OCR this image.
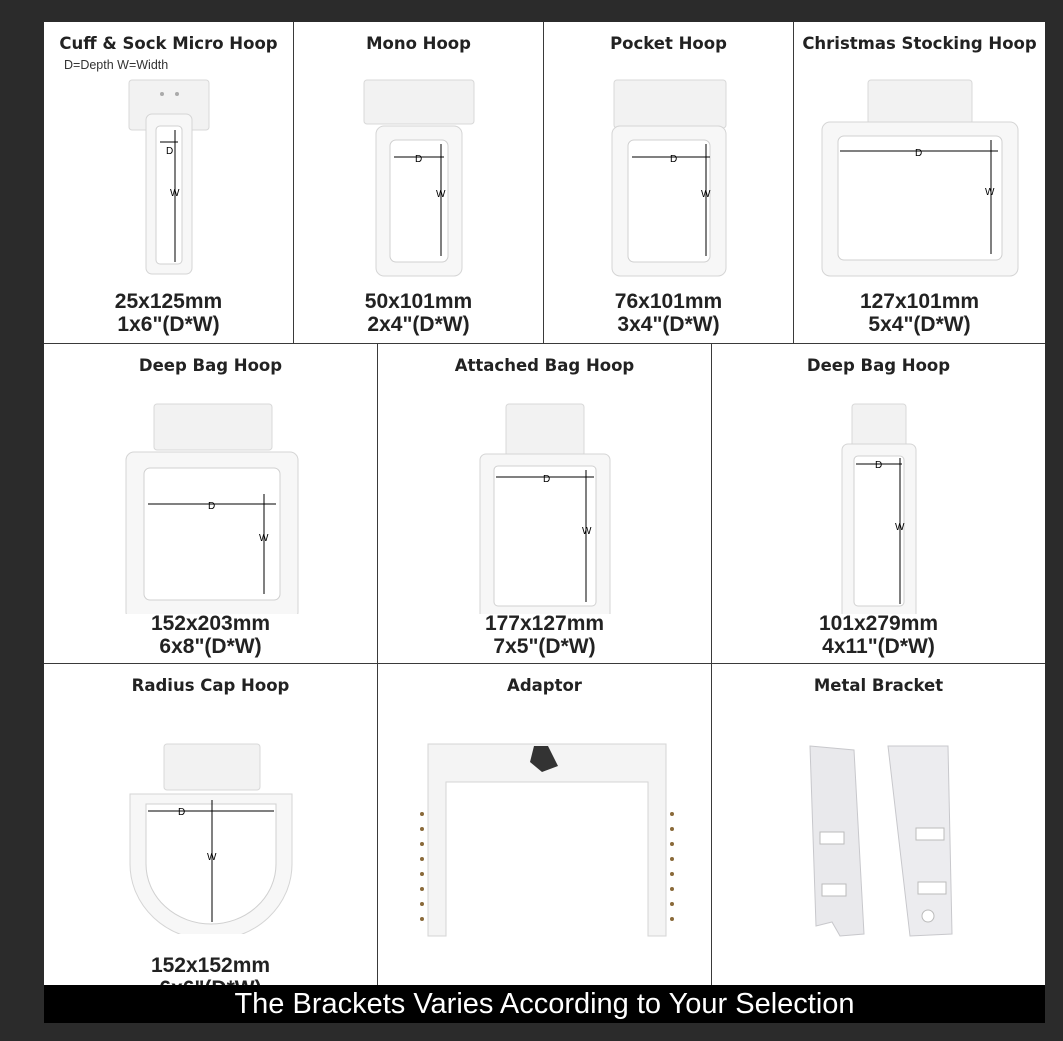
Cuff & Sock Micro Hoop
D=Depth W=Width
D
W
25x125mm
1x6"(D*W)
Mono Hoop
D
W
50x101mm
2x4"(D*W)
Pocket Hoop
D
W
76x101mm
3x4"(D*W)
Christmas Stocking Hoop
D
W
127x101mm
5x4"(D*W)
Deep Bag Hoop
D
W
152x203mm
6x8"(D*W)
Attached Bag Hoop
D
W
177x127mm
7x5"(D*W)
Deep Bag Hoop
D
W
101x279mm
4x11"(D*W)
Radius Cap Hoop
D
W
152x152mm
Adaptor	Metal Bracket
The Brackets Varies According to Your Selection
